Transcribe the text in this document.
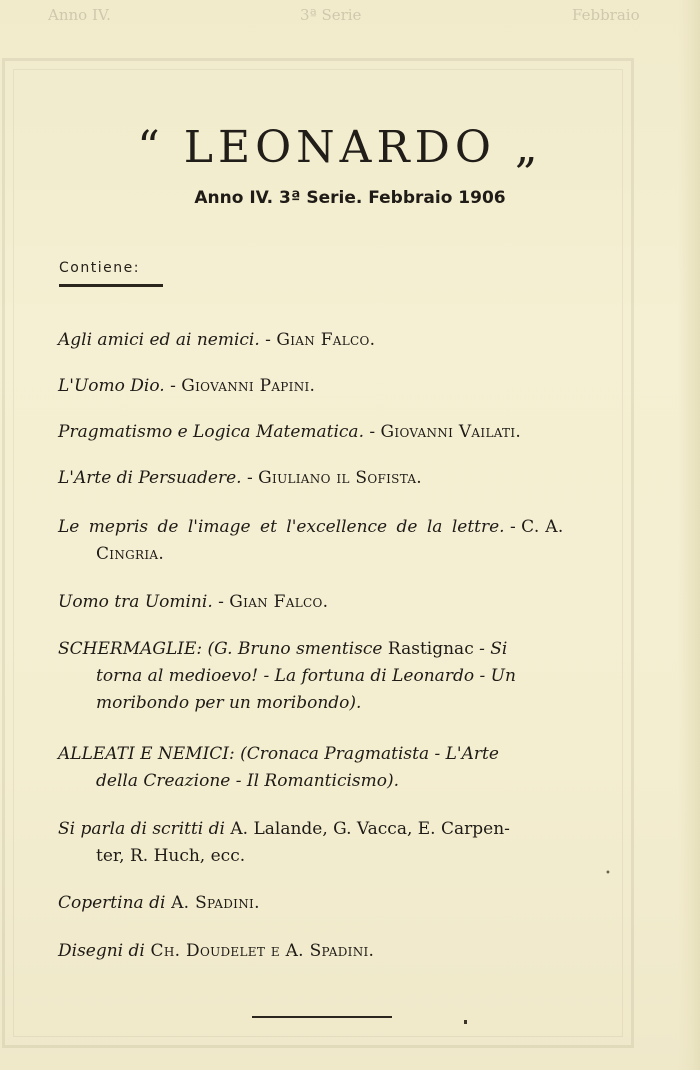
Anno IV.	3ª Serie	Febbraio
“ LEONARDO „
Anno IV. 3ª Serie. Febbraio 1906
Contiene:
Agli amici ed ai nemici. - Gian Falco.
L'Uomo Dio. - Giovanni Papini.
Pragmatismo e Logica Matematica. - Giovanni Vailati.
L'Arte di Persuadere. - Giuliano il Sofista.
Le mepris de l'image et l'excellence de la lettre. - C. A.
Cingria.
Uomo tra Uomini. - Gian Falco.
SCHERMAGLIE: (G. Bruno smentisce Rastignac - Si
torna al medioevo! - La fortuna di Leonardo - Un
moribondo per un moribondo).
ALLEATI E NEMICI: (Cronaca Pragmatista - L'Arte
della Creazione - Il Romanticismo).
Si parla di scritti di A. Lalande, G. Vacca, E. Carpen-
ter, R. Huch, ecc.
Copertina di A. Spadini.
Disegni di Ch. Doudelet e A. Spadini.
•
